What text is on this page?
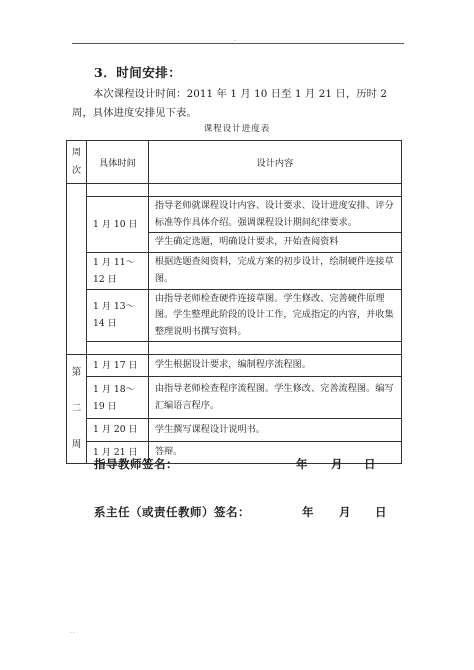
.
3．时间安排：

本次课程设计时间：2011 年 1 月 10 日至 1 月 21 日，历时 2 周，具体进度安排见下表。

课程设计进度表
周次	具体时间	设计内容

	1 月 10 日	指导老师就课程设计内容、设计要求、设计进度安排、评分标准等作具体介绍。强调课程设计期间纪律要求。
		学生确定选题，明确设计要求，开始查阅资料
	1 月 11～12 日	根据选题查阅资料，完成方案的初步设计，绘制硬件连接草图。
	1 月 13～14 日	由指导老师检查硬件连接草图。学生修改、完善硬件原理图。学生整理此阶段的设计工作，完成指定的内容，并收集整理说明书撰写资料。

第二周	1 月 17 日	学生根据设计要求，编制程序流程图。
	1 月 18～19 日	由指导老师检查程序流程图。学生修改、完善流程图。编写汇编语言程序。
	1 月 20 日	学生撰写课程设计说明书。
	1 月 21 日	答辩。
指导教师签名：	年 月 日
系主任（或责任教师）签名：	年 月 日
..
